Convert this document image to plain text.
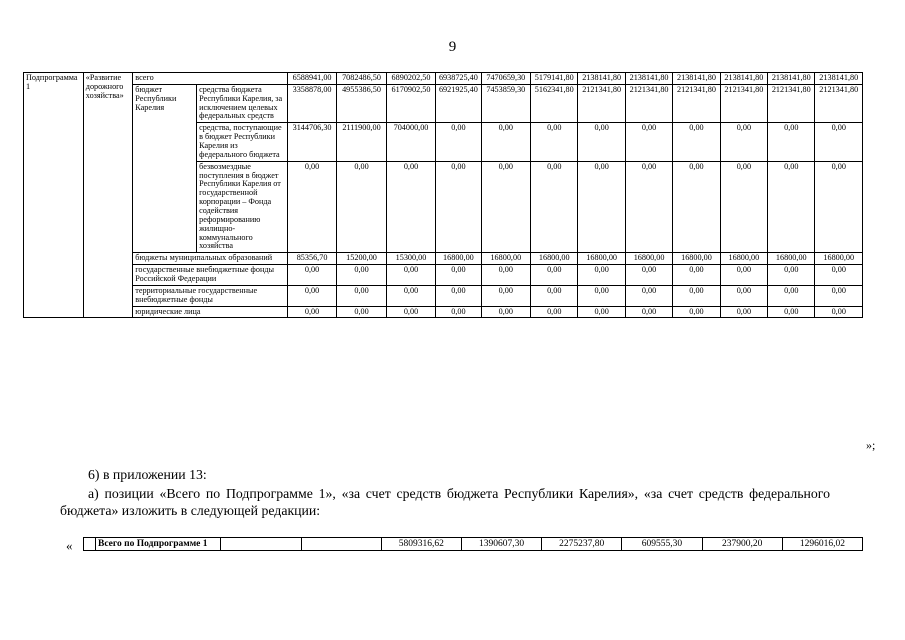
9
Подпрограмма 1	«Развитие дорожного хозяйства»	всего		6588941,00	7082486,50	6890202,50	6938725,40	7470659,30	5179141,80	2138141,80	2138141,80	2138141,80	2138141,80	2138141,80	2138141,80
		бюджет Республики Карелия	средства бюджета Республики Карелия, за исключением целевых федеральных средств	3358878,00	4955386,50	6170902,50	6921925,40	7453859,30	5162341,80	2121341,80	2121341,80	2121341,80	2121341,80	2121341,80	2121341,80
			средства, поступающие в бюджет Республики Карелия из федерального бюджета	3144706,30	2111900,00	704000,00	0,00	0,00	0,00	0,00	0,00	0,00	0,00	0,00	0,00
			безвозмездные поступления в бюджет Республики Карелия от государственной корпорации – Фонда содействия реформированию жилищно-коммунального хозяйства	0,00	0,00	0,00	0,00	0,00	0,00	0,00	0,00	0,00	0,00	0,00	0,00
		бюджеты муниципальных образований		85356,70	15200,00	15300,00	16800,00	16800,00	16800,00	16800,00	16800,00	16800,00	16800,00	16800,00	16800,00
		государственные внебюджетные фонды Российской Федерации		0,00	0,00	0,00	0,00	0,00	0,00	0,00	0,00	0,00	0,00	0,00	0,00
		территориальные государственные внебюджетные фонды		0,00	0,00	0,00	0,00	0,00	0,00	0,00	0,00	0,00	0,00	0,00	0,00
		юридические лица		0,00	0,00	0,00	0,00	0,00	0,00	0,00	0,00	0,00	0,00	0,00	0,00
»;
6) в приложении 13:
а) позиции «Всего по Подпрограмме 1», «за счет средств бюджета Республики Карелия», «за счет средств федерального бюджета» изложить в следующей редакции:
«
		Всего по Подпрограмме 1			5809316,62	1390607,30	2275237,80	609555,30	237900,20	1296016,02
